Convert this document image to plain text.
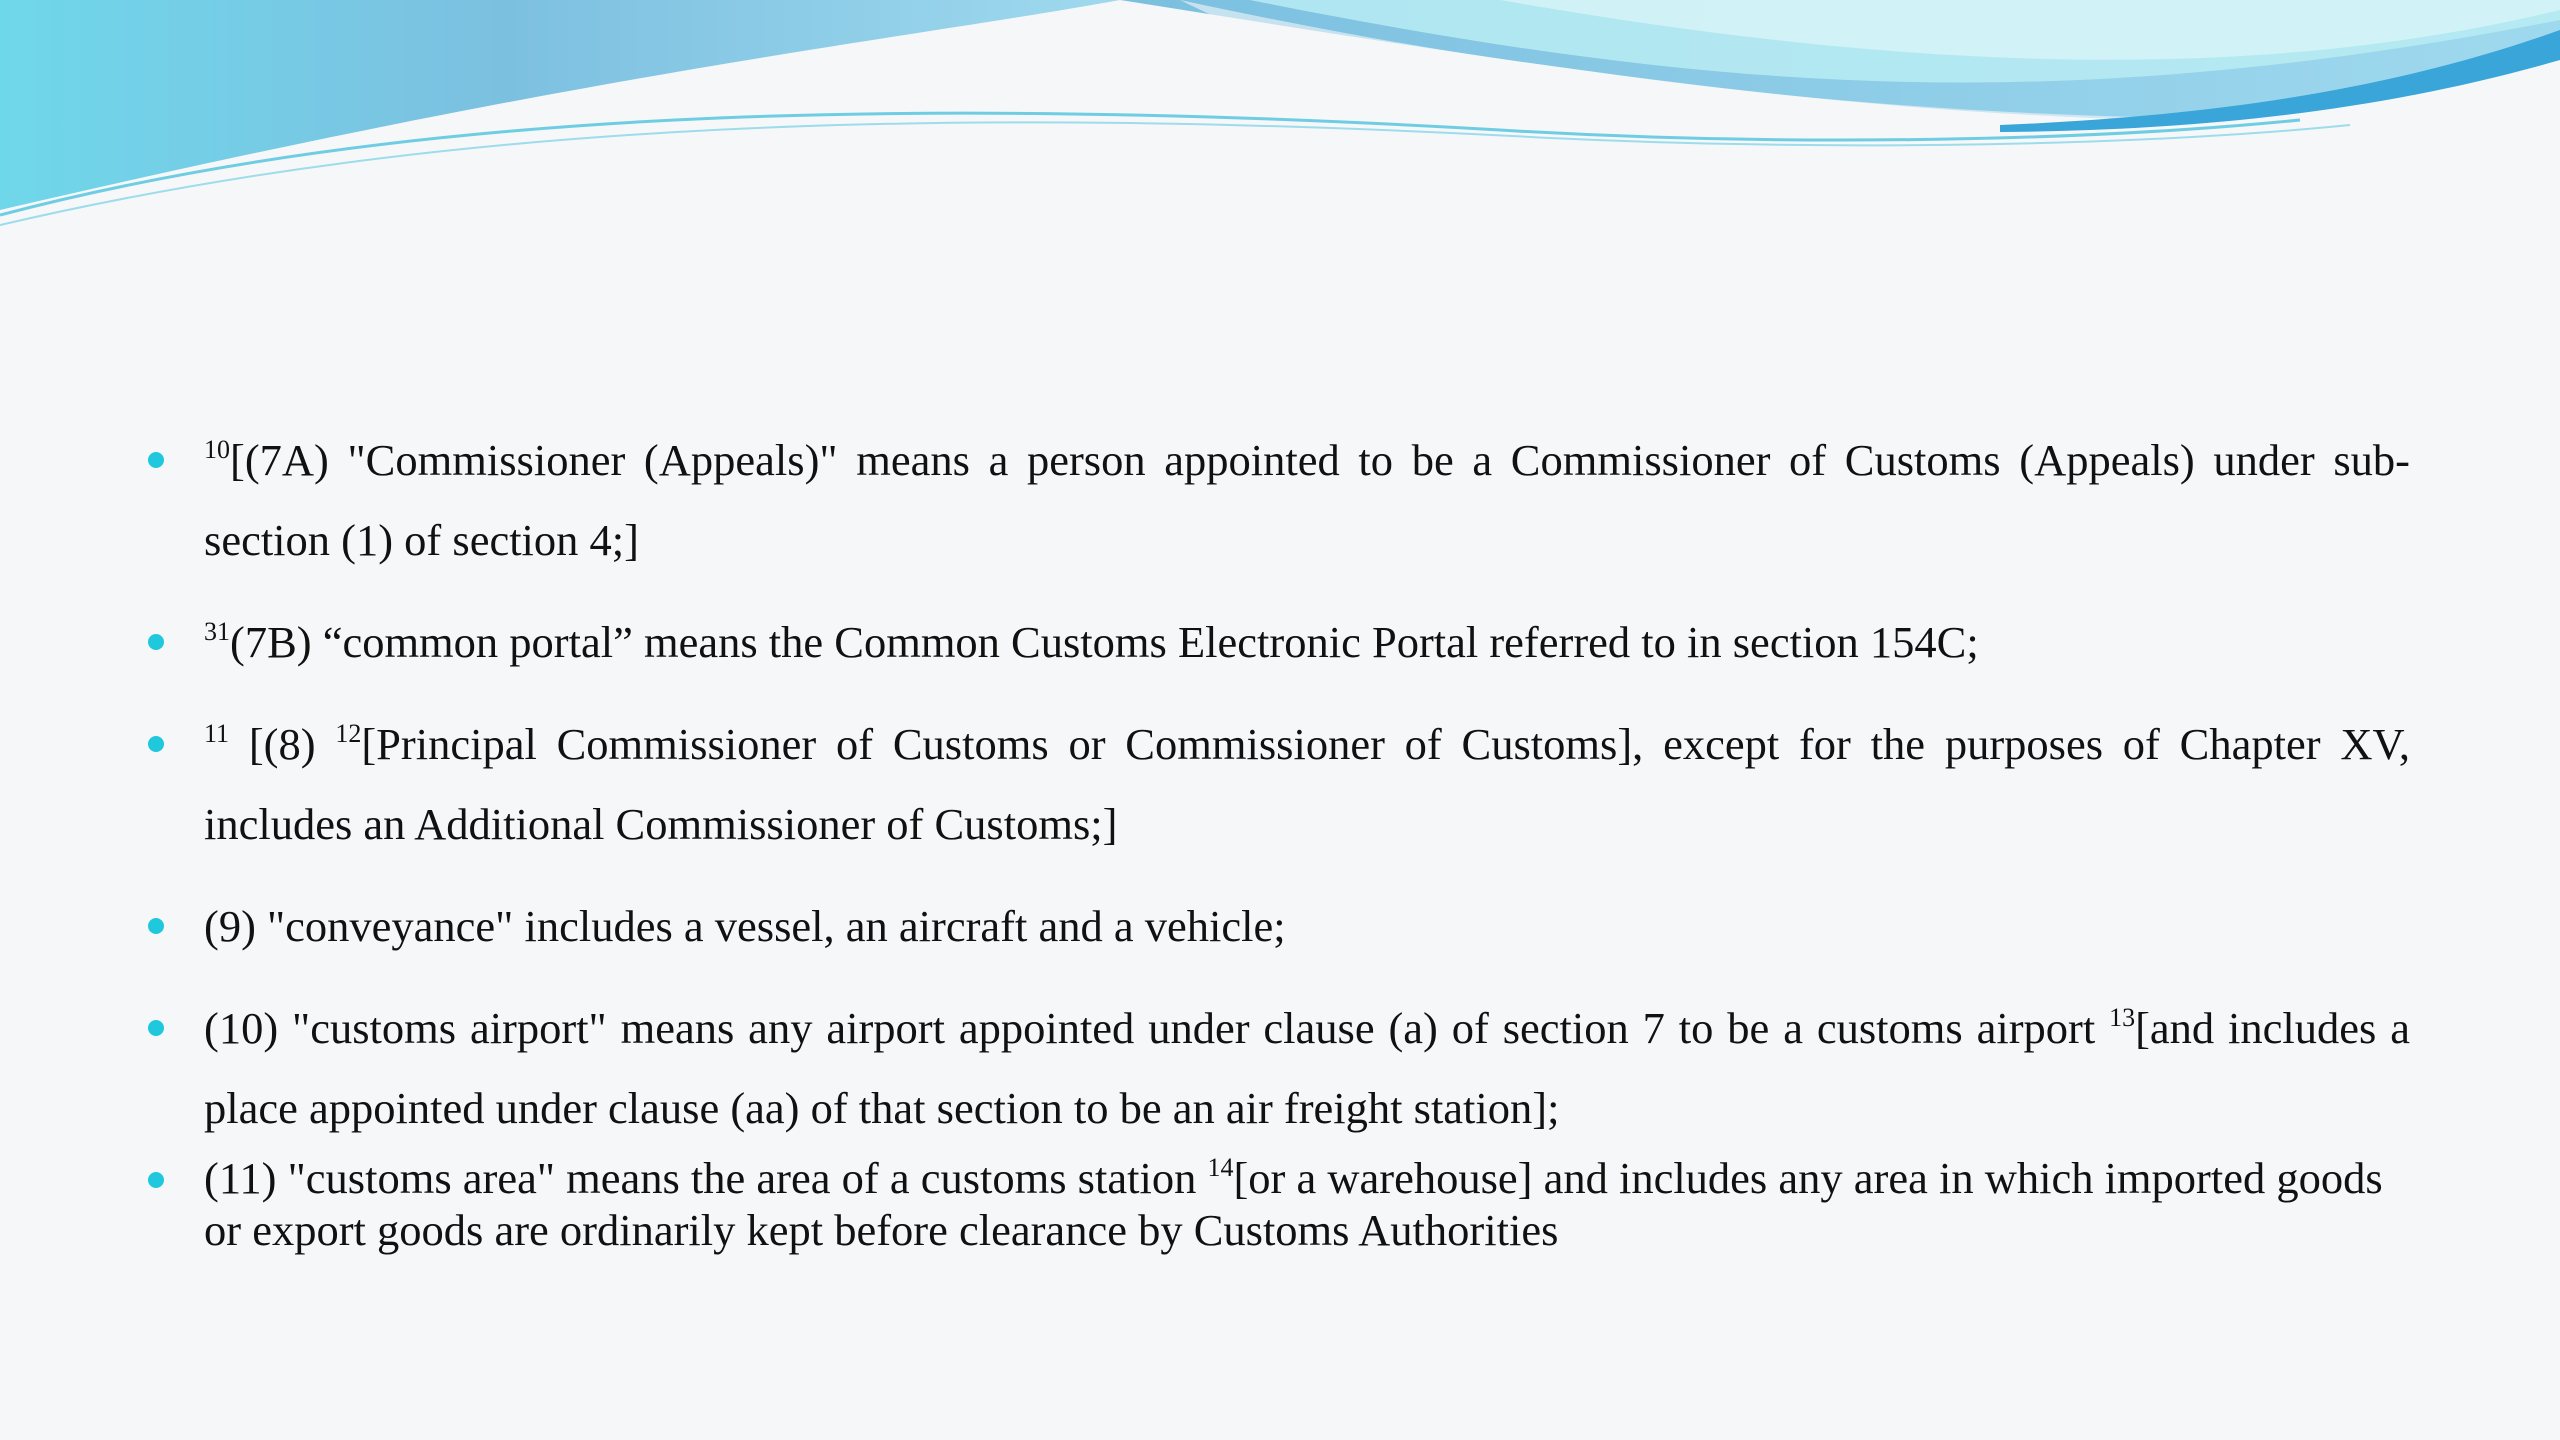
$^{10}$[(7A) "Commissioner (Appeals)" means a person appointed to be a Commissioner of Customs (Appeals) under sub-section (1) of section 4;]
$^{31}$(7B) “common portal” means the Common Customs Electronic Portal referred to in section 154C;
$^{11}$ [(8) $^{12}$[Principal Commissioner of Customs or Commissioner of Customs], except for the purposes of Chapter XV, includes an Additional Commissioner of Customs;]
(9) "conveyance" includes a vessel, an aircraft and a vehicle;
(10) "customs airport" means any airport appointed under clause (a) of section 7 to be a customs airport $^{13}$[and includes a place appointed under clause (aa) of that section to be an air freight station];
(11) "customs area" means the area of a customs station $^{14}$[or a warehouse] and includes any area in which imported goods or export goods are ordinarily kept before clearance by Customs Authorities
